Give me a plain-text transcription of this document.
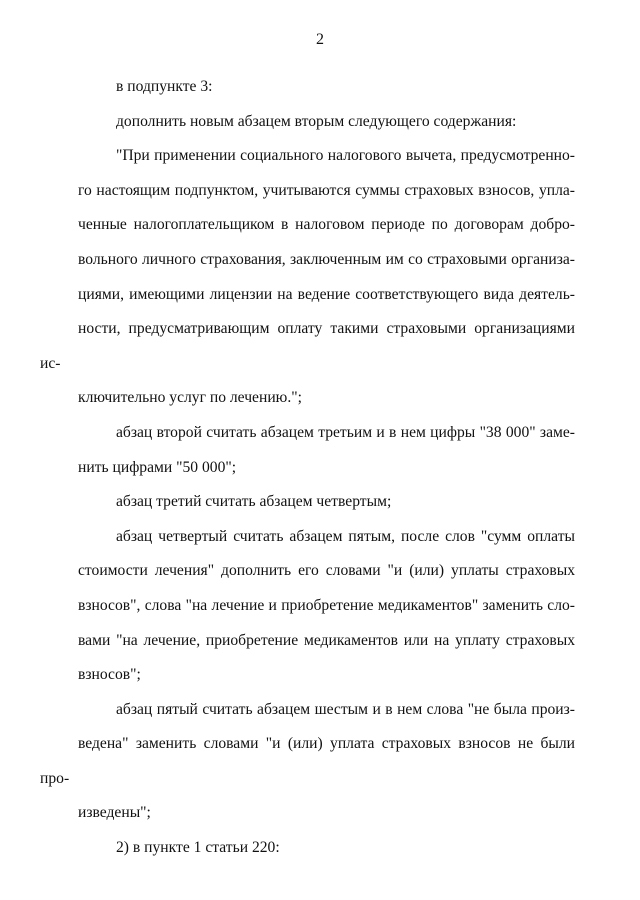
2
в подпункте 3:
дополнить новым абзацем вторым следующего содержания:
"При применении социального налогового вычета, предусмотренно-
го настоящим подпунктом, учитываются суммы страховых взносов, упла-
ченные налогоплательщиком в налоговом периоде по договорам добро-
вольного личного страхования, заключенным им со страховыми организа-
циями, имеющими лицензии на ведение соответствующего вида деятель-
ности, предусматривающим оплату такими страховыми организациями ис-
ключительно услуг по лечению.";
абзац второй считать абзацем третьим и в нем цифры "38 000" заме-
нить цифрами "50 000";
абзац третий считать абзацем четвертым;
абзац четвертый считать абзацем пятым, после слов "сумм оплаты
стоимости лечения" дополнить его словами "и (или) уплаты страховых
взносов", слова "на лечение и приобретение медикаментов" заменить сло-
вами "на лечение, приобретение медикаментов или на уплату страховых
взносов";
абзац пятый считать абзацем шестым и в нем слова "не была произ-
ведена" заменить словами "и (или) уплата страховых взносов не были про-
изведены";
2) в пункте 1 статьи 220:
